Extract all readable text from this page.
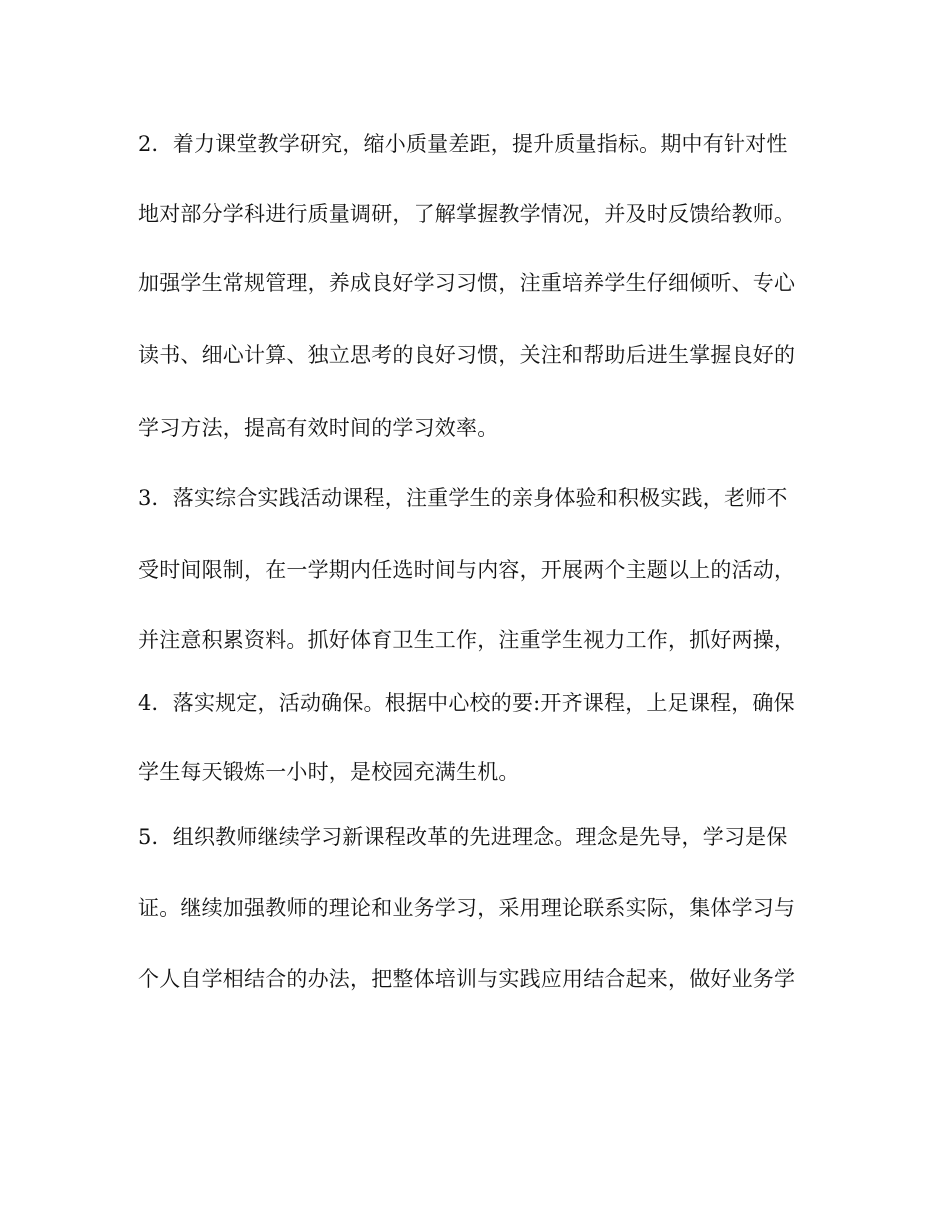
2．着力课堂教学研究，缩小质量差距，提升质量指标。期中有针对性

地对部分学科进行质量调研，了解掌握教学情况，并及时反馈给教师。

加强学生常规管理，养成良好学习习惯，注重培养学生仔细倾听、专心

读书、细心计算、独立思考的良好习惯，关注和帮助后进生掌握良好的

学习方法，提高有效时间的学习效率。

3．落实综合实践活动课程，注重学生的亲身体验和积极实践，老师不

受时间限制，在一学期内任选时间与内容，开展两个主题以上的活动，

并注意积累资料。抓好体育卫生工作，注重学生视力工作，抓好两操，

4．落实规定，活动确保。根据中心校的要:开齐课程，上足课程，确保

学生每天锻炼一小时，是校园充满生机。

5．组织教师继续学习新课程改革的先进理念。理念是先导，学习是保

证。继续加强教师的理论和业务学习，采用理论联系实际，集体学习与

个人自学相结合的办法，把整体培训与实践应用结合起来，做好业务学
